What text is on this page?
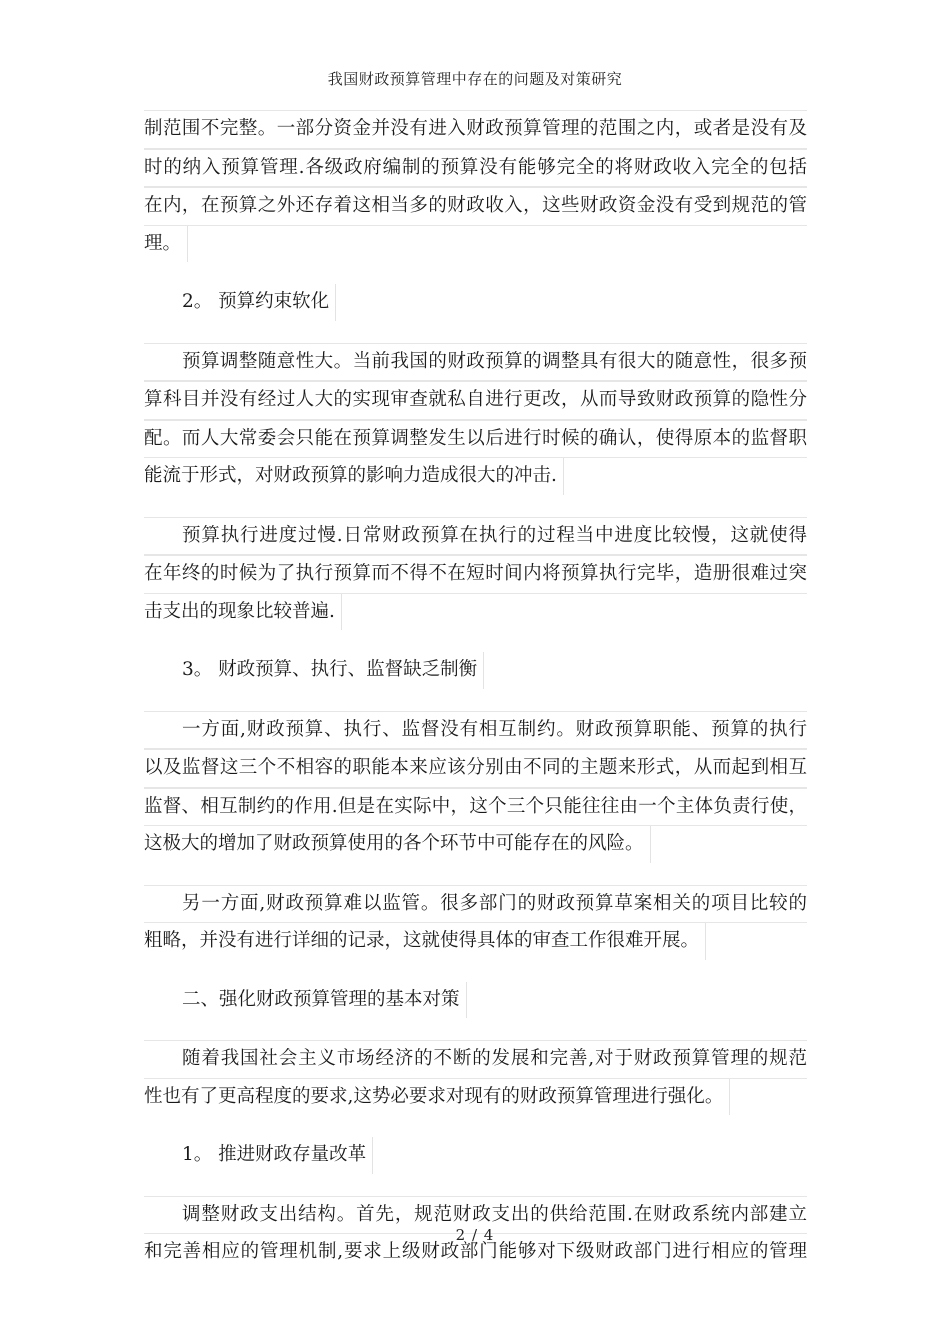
我国财政预算管理中存在的问题及对策研究
制范围不完整。一部分资金并没有进入财政预算管理的范围之内，或者是没有及
时的纳入预算管理.各级政府编制的预算没有能够完全的将财政收入完全的包括
在内，在预算之外还存着这相当多的财政收入，这些财政资金没有受到规范的管
理。
2。 预算约束软化
预算调整随意性大。当前我国的财政预算的调整具有很大的随意性，很多预
算科目并没有经过人大的实现审查就私自进行更改，从而导致财政预算的隐性分
配。而人大常委会只能在预算调整发生以后进行时候的确认，使得原本的监督职
能流于形式，对财政预算的影响力造成很大的冲击.
预算执行进度过慢.日常财政预算在执行的过程当中进度比较慢，这就使得
在年终的时候为了执行预算而不得不在短时间内将预算执行完毕，造册很难过突
击支出的现象比较普遍.
3。 财政预算、执行、监督缺乏制衡
一方面,财政预算、执行、监督没有相互制约。财政预算职能、预算的执行
以及监督这三个不相容的职能本来应该分别由不同的主题来形式，从而起到相互
监督、相互制约的作用.但是在实际中，这个三个只能往往由一个主体负责行使，
这极大的增加了财政预算使用的各个环节中可能存在的风险。
另一方面,财政预算难以监管。很多部门的财政预算草案相关的项目比较的
粗略，并没有进行详细的记录，这就使得具体的审查工作很难开展。
二、强化财政预算管理的基本对策
随着我国社会主义市场经济的不断的发展和完善,对于财政预算管理的规范
性也有了更高程度的要求,这势必要求对现有的财政预算管理进行强化。
1。 推进财政存量改革
调整财政支出结构。首先，规范财政支出的供给范围.在财政系统内部建立
和完善相应的管理机制,要求上级财政部门能够对下级财政部门进行相应的管理
2 / 4
